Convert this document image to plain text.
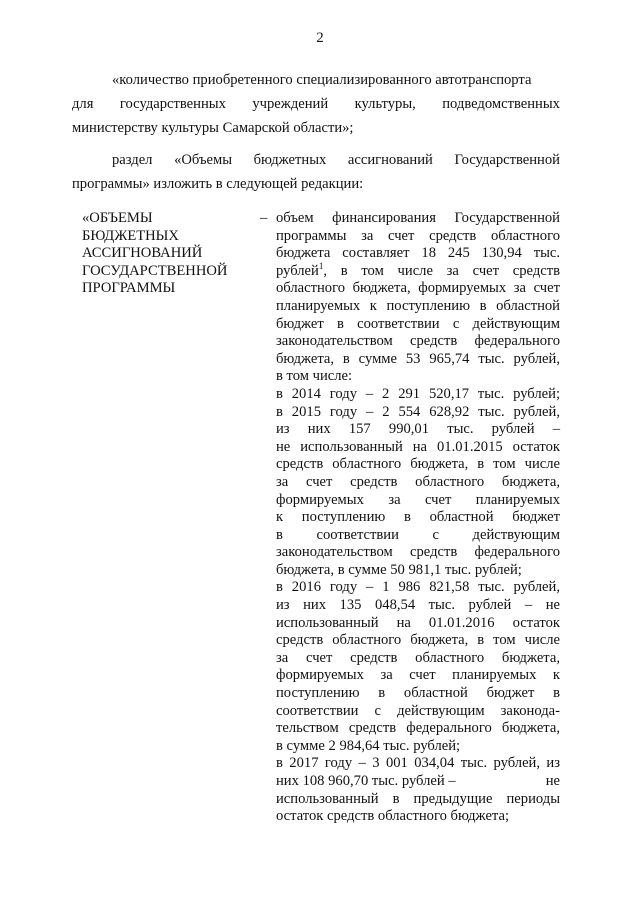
2
«количество приобретенного специализированного автотранспорта
для государственных учреждений культуры, подведомственных
министерству культуры Самарской области»;
раздел «Объемы бюджетных ассигнований Государственной
программы» изложить в следующей редакции:
«ОБЪЕМЫ
БЮДЖЕТНЫХ
АССИГНОВАНИЙ
ГОСУДАРСТВЕННОЙ
ПРОГРАММЫ
– объем финансирования Государственной
программы за счет средств областного
бюджета составляет 18 245 130,94 тыс.
рублей$^1$, в том числе за счет средств
областного бюджета, формируемых за счет
планируемых к поступлению в областной
бюджет в соответствии с действующим
законодательством средств федерального
бюджета, в сумме 53 965,74 тыс. рублей,
в том числе:
в 2014 году – 2 291 520,17 тыс. рублей;
в 2015 году – 2 554 628,92 тыс. рублей,
из них 157 990,01 тыс. рублей –
не использованный на 01.01.2015 остаток
средств областного бюджета, в том числе
за счет средств областного бюджета,
формируемых за счет планируемых
к поступлению в областной бюджет
в соответствии с действующим
законодательством средств федерального
бюджета, в сумме 50 981,1 тыс. рублей;
в 2016 году – 1 986 821,58 тыс. рублей,
из них 135 048,54 тыс. рублей – не
использованный на 01.01.2016 остаток
средств областного бюджета, в том числе
за счет средств областного бюджета,
формируемых за счет планируемых к
поступлению в областной бюджет в
соответствии с действующим законода-
тельством средств федерального бюджета,
в сумме 2 984,64 тыс. рублей;
в 2017 году – 3 001 034,04 тыс. рублей, из
них 108 960,70 тыс. рублей –	не
использованный в предыдущие периоды
остаток средств областного бюджета;
